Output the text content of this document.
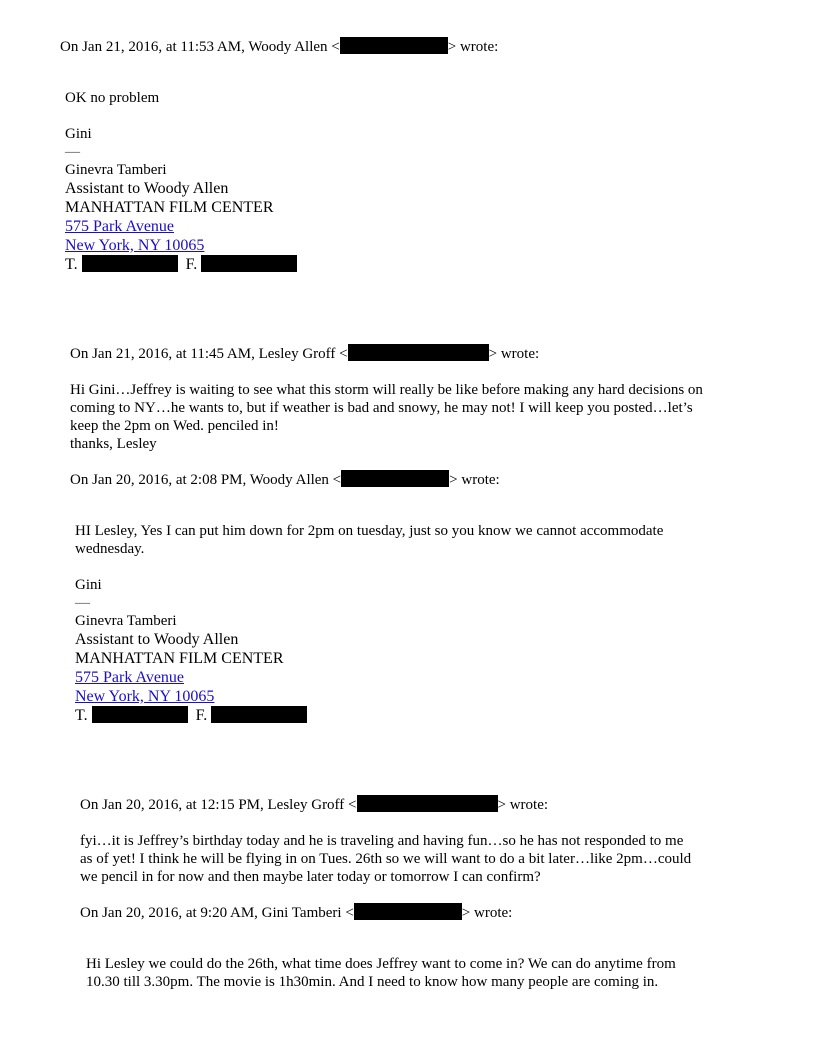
On Jan 21, 2016, at 11:53 AM, Woody Allen <	> wrote:
OK no problem
Gini
—
Ginevra Tamberi
Assistant to Woody Allen
MANHATTAN FILM CENTER
575 Park Avenue
New York, NY 10065
T.	F.
On Jan 21, 2016, at 11:45 AM, Lesley Groff <	> wrote:
Hi Gini…Jeffrey is waiting to see what this storm will really be like before making any hard decisions on
coming to NY…he wants to, but if weather is bad and snowy, he may not! I will keep you posted…let’s
keep the 2pm on Wed. penciled in!
thanks, Lesley
On Jan 20, 2016, at 2:08 PM, Woody Allen <	> wrote:
HI Lesley, Yes I can put him down for 2pm on tuesday, just so you know we cannot accommodate
wednesday.
Gini
—
Ginevra Tamberi
Assistant to Woody Allen
MANHATTAN FILM CENTER
575 Park Avenue
New York, NY 10065
T.	F.
On Jan 20, 2016, at 12:15 PM, Lesley Groff <	> wrote:
fyi…it is Jeffrey’s birthday today and he is traveling and having fun…so he has not responded to me
as of yet! I think he will be flying in on Tues. 26th so we will want to do a bit later…like 2pm…could
we pencil in for now and then maybe later today or tomorrow I can confirm?
On Jan 20, 2016, at 9:20 AM, Gini Tamberi <	> wrote:
Hi Lesley we could do the 26th, what time does Jeffrey want to come in? We can do anytime from
10.30 till 3.30pm. The movie is 1h30min. And I need to know how many people are coming in.
